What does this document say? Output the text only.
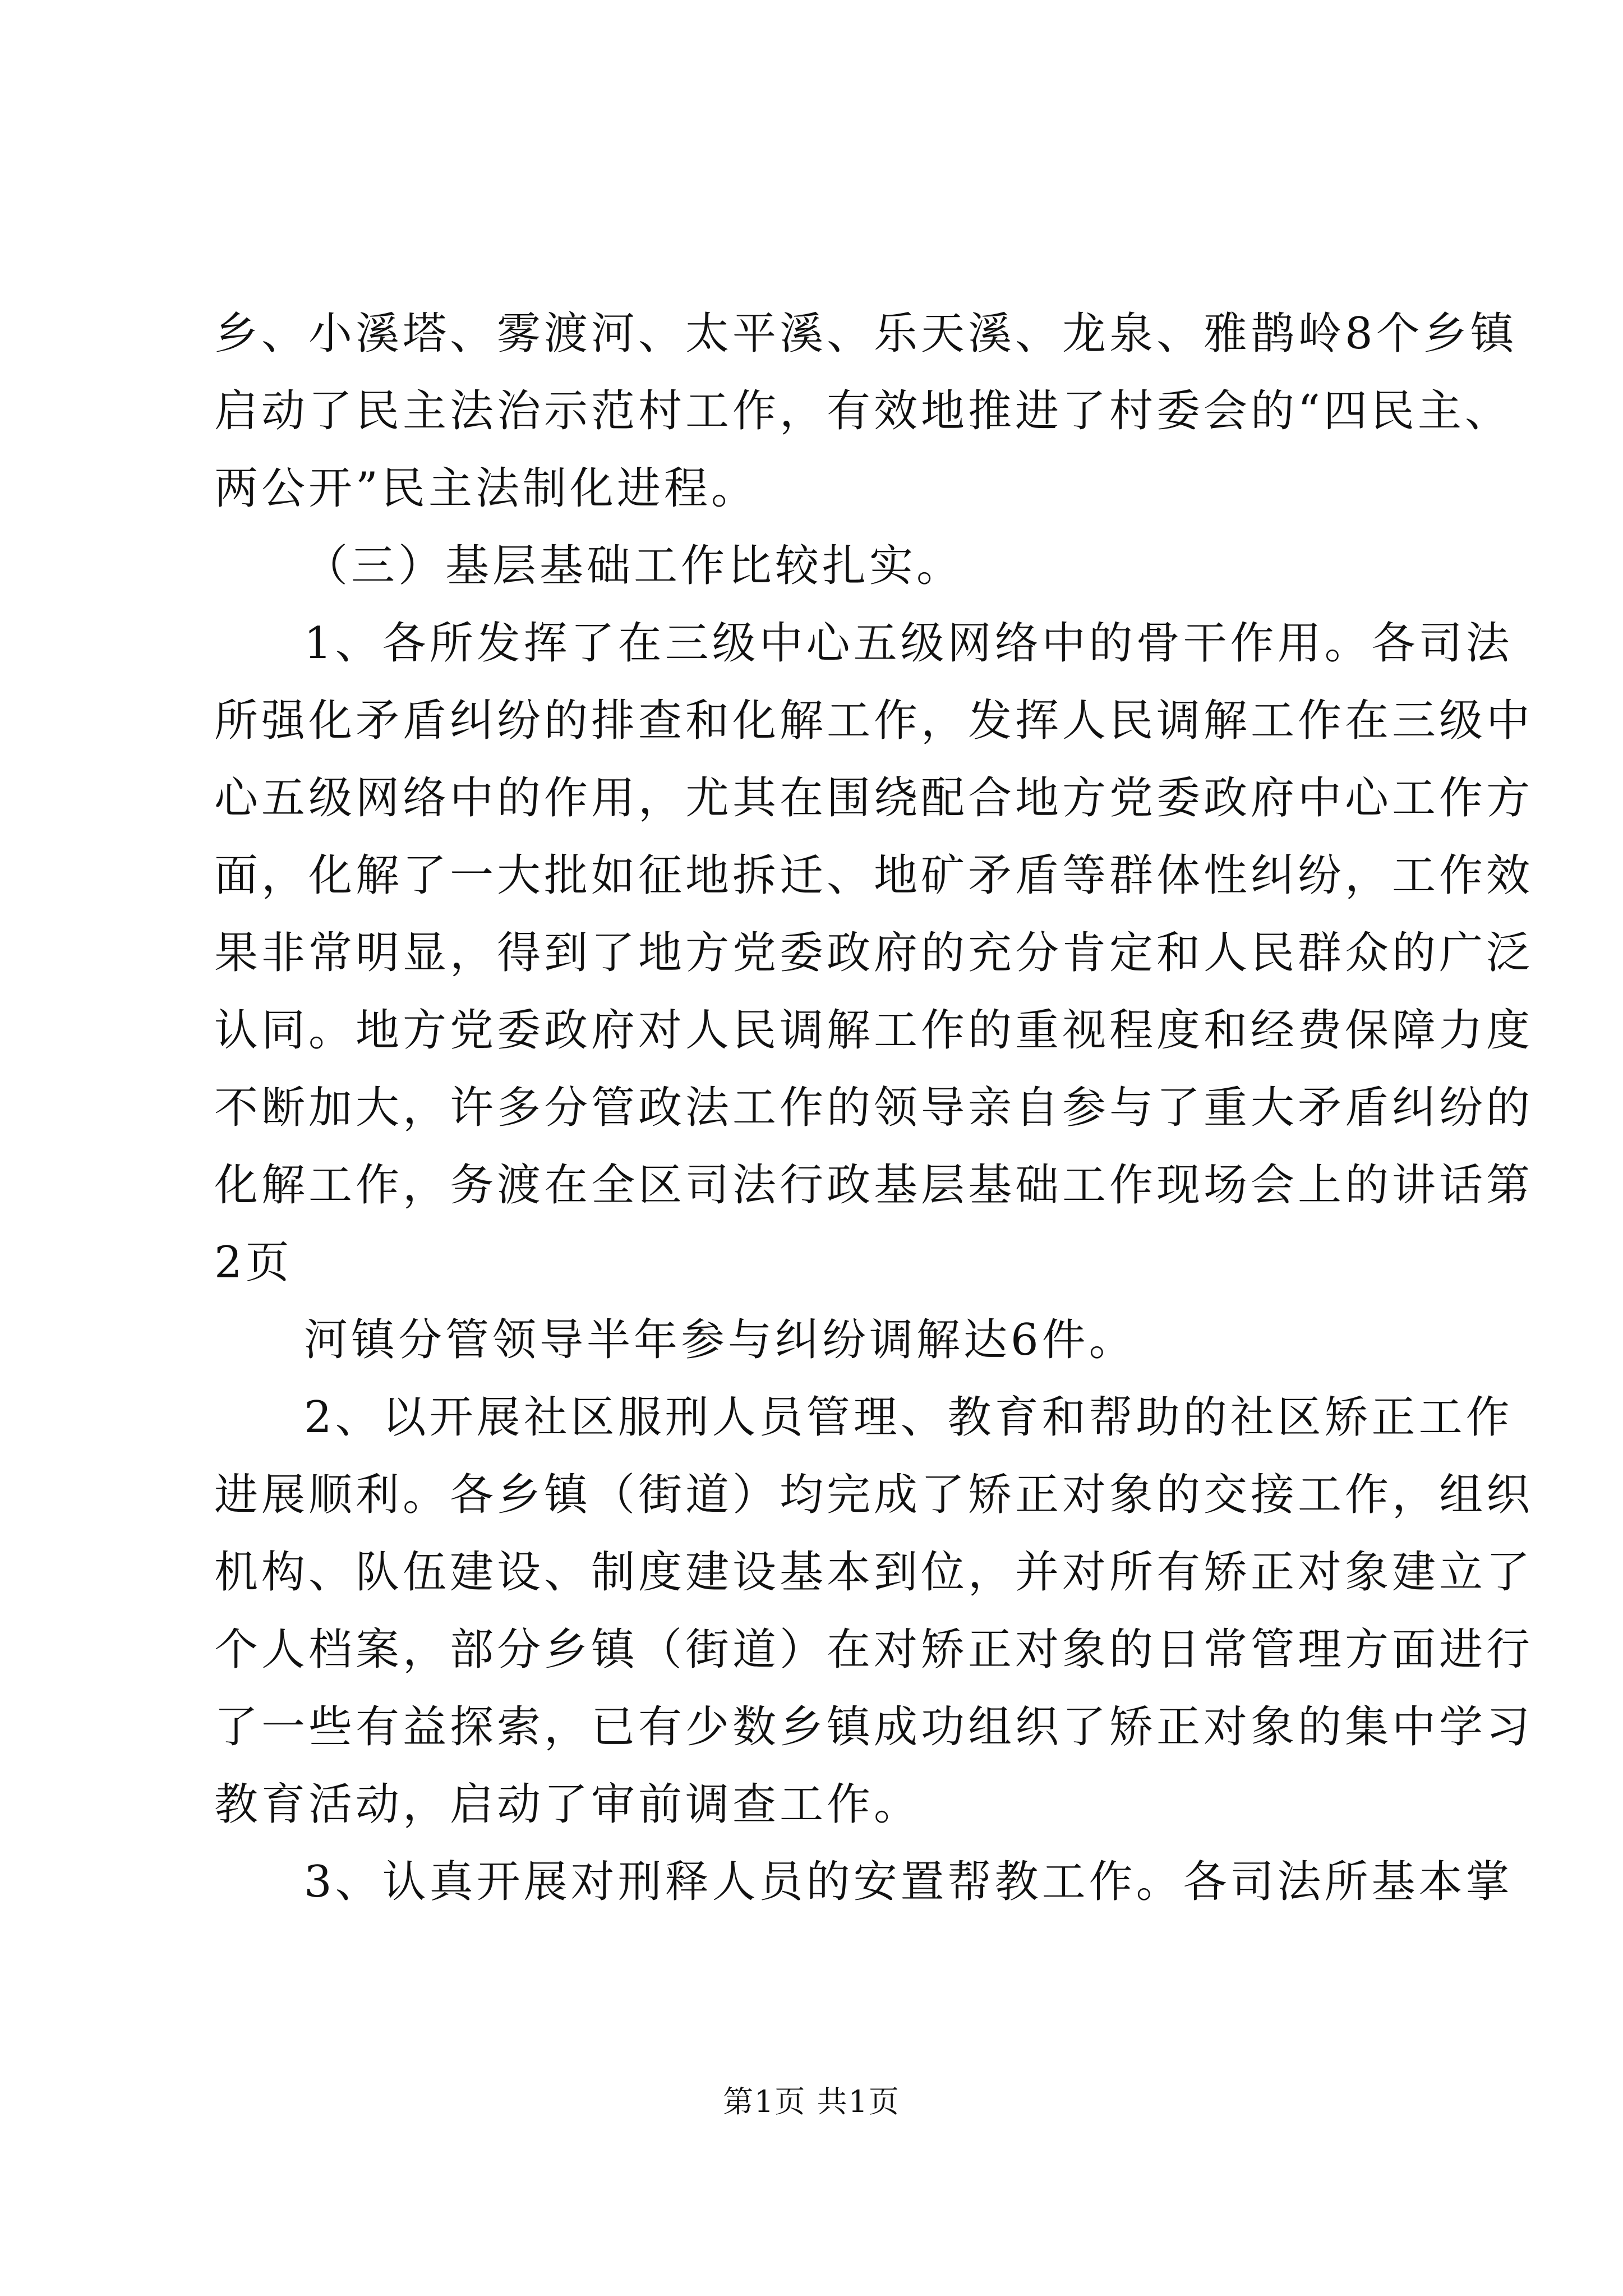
乡、小溪塔、雾渡河、太平溪、乐天溪、龙泉、雅鹊岭8个乡镇
启动了民主法治示范村工作，有效地推进了村委会的“四民主、
两公开”民主法制化进程。
（三）基层基础工作比较扎实。
1、各所发挥了在三级中心五级网络中的骨干作用。各司法
所强化矛盾纠纷的排查和化解工作，发挥人民调解工作在三级中
心五级网络中的作用，尤其在围绕配合地方党委政府中心工作方
面，化解了一大批如征地拆迁、地矿矛盾等群体性纠纷，工作效
果非常明显，得到了地方党委政府的充分肯定和人民群众的广泛
认同。地方党委政府对人民调解工作的重视程度和经费保障力度
不断加大，许多分管政法工作的领导亲自参与了重大矛盾纠纷的
化解工作，务渡在全区司法行政基层基础工作现场会上的讲话第
2页
河镇分管领导半年参与纠纷调解达6件。
2、以开展社区服刑人员管理、教育和帮助的社区矫正工作
进展顺利。各乡镇（街道）均完成了矫正对象的交接工作，组织
机构、队伍建设、制度建设基本到位，并对所有矫正对象建立了
个人档案，部分乡镇（街道）在对矫正对象的日常管理方面进行
了一些有益探索，已有少数乡镇成功组织了矫正对象的集中学习
教育活动，启动了审前调查工作。
3、认真开展对刑释人员的安置帮教工作。各司法所基本掌
第1页 共1页
